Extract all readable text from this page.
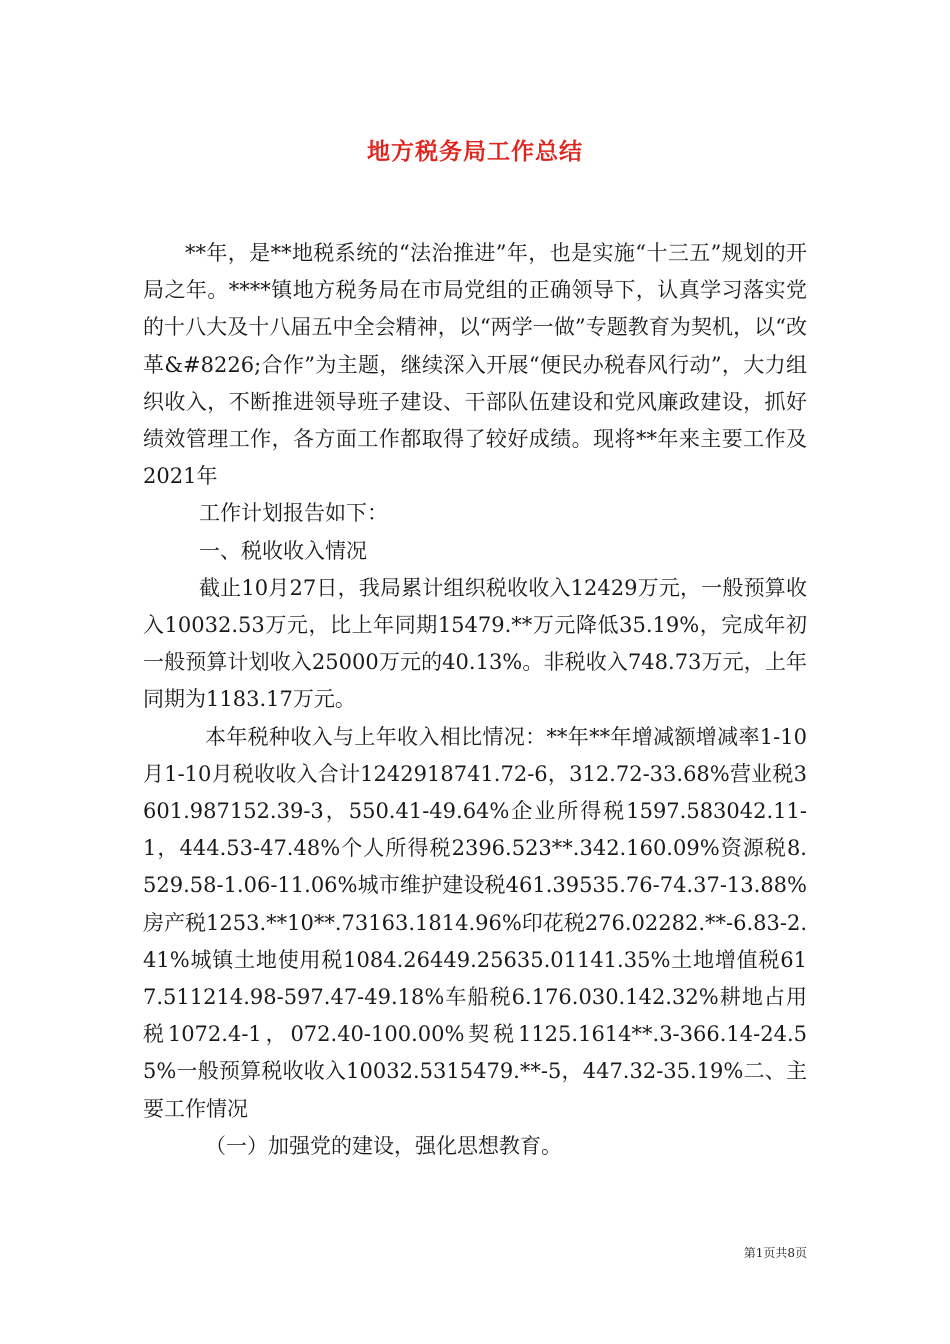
地方税务局工作总结

**年，是**地税系统的“法治推进”年，也是实施“十三五”规划的开局之年。****镇地方税务局在市局党组的正确领导下，认真学习落实党的十八大及十八届五中全会精神，以“两学一做”专题教育为契机，以“改革&#8226;合作”为主题，继续深入开展“便民办税春风行动”，大力组织收入，不断推进领导班子建设、干部队伍建设和党风廉政建设，抓好绩效管理工作，各方面工作都取得了较好成绩。现将**年来主要工作及2021年

工作计划报告如下：

一、税收收入情况

截止10月27日，我局累计组织税收收入12429万元，一般预算收入10032.53万元，比上年同期15479.**万元降低35.19%，完成年初一般预算计划收入25000万元的40.13%。非税收入748.73万元，上年同期为1183.17万元。

本年税种收入与上年收入相比情况：**年**年增减额增减率1-10月1-10月税收收入合计1242918741.72-6，312.72-33.68%营业税3601.987152.39-3，550.41-49.64%企业所得税1597.583042.11-1，444.53-47.48%个人所得税2396.523**.342.160.09%资源税8.529.58-1.06-11.06%城市维护建设税461.39535.76-74.37-13.88%房产税1253.**10**.73163.1814.96%印花税276.02282.**-6.83-2.41%城镇土地使用税1084.26449.25635.01141.35%土地增值税617.511214.98-597.47-49.18%车船税6.176.030.142.32%耕地占用税1072.4-1，072.40-100.00%契税1125.1614**.3-366.14-24.55%一般预算税收收入10032.5315479.**-5，447.32-35.19%二、主要工作情况

（一）加强党的建设，强化思想教育。

第1页共8页
